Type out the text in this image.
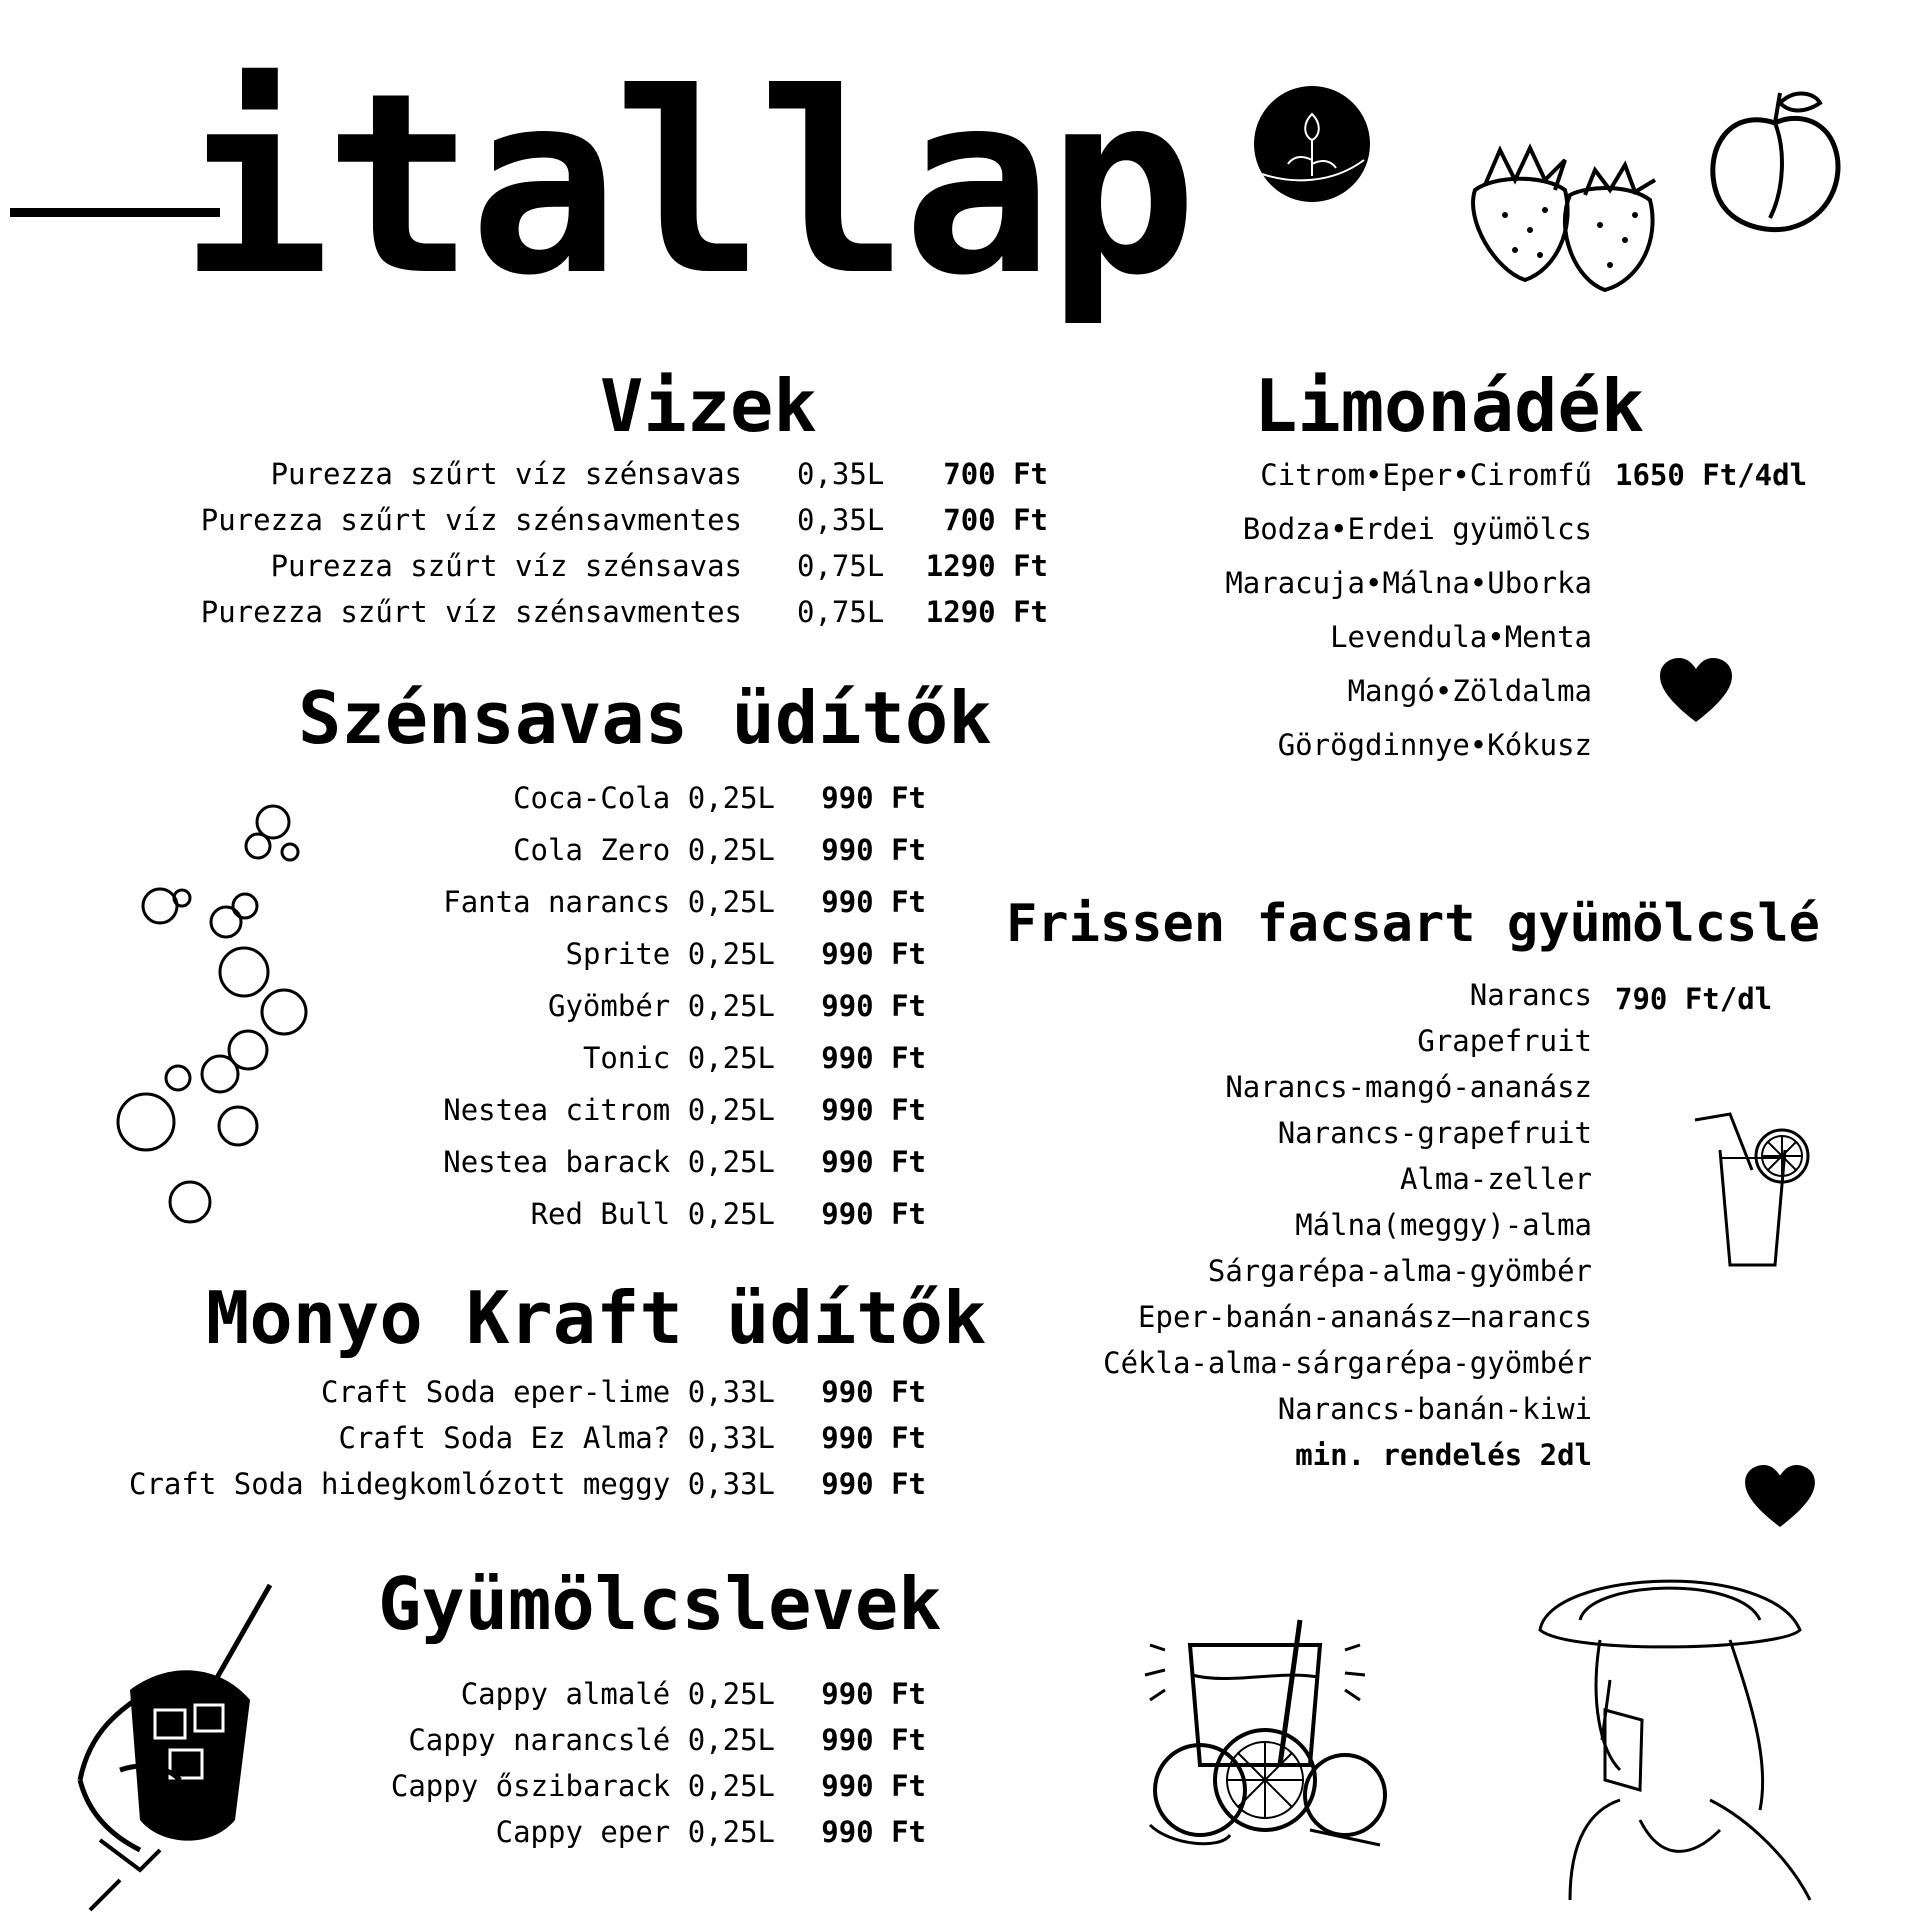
itallap
Vizek
Purezza szűrt víz szénsavas 0,35L 700 Ft
Purezza szűrt víz szénsavmentes 0,35L 700 Ft
Purezza szűrt víz szénsavas 0,75L 1290 Ft
Purezza szűrt víz szénsavmentes 0,75L 1290 Ft
Szénsavas üdítők
Coca-Cola 0,25L 990 Ft
Cola Zero 0,25L 990 Ft
Fanta narancs 0,25L 990 Ft
Sprite 0,25L 990 Ft
Gyömbér 0,25L 990 Ft
Tonic 0,25L 990 Ft
Nestea citrom 0,25L 990 Ft
Nestea barack 0,25L 990 Ft
Red Bull 0,25L 990 Ft
Monyo Kraft üdítők
Craft Soda eper-lime 0,33L 990 Ft
Craft Soda Ez Alma? 0,33L 990 Ft
Craft Soda hidegkomlózott meggy 0,33L 990 Ft
Gyümölcslevek
Cappy almalé 0,25L 990 Ft
Cappy narancslé 0,25L 990 Ft
Cappy őszibarack 0,25L 990 Ft
Cappy eper 0,25L 990 Ft
Limonádék
Citrom•Eper•Ciromfű 1650 Ft/4dl
Bodza•Erdei gyümölcs
Maracuja•Málna•Uborka
Levendula•Menta
Mangó•Zöldalma
Görögdinnye•Kókusz
Frissen facsart gyümölcslé
Narancs 790 Ft/dl
Grapefruit
Narancs-mangó-ananász
Narancs-grapefruit
Alma-zeller
Málna(meggy)-alma
Sárgarépa-alma-gyömbér
Eper-banán-ananász–narancs
Cékla-alma-sárgarépa-gyömbér
Narancs-banán-kiwi
min. rendelés 2dl
